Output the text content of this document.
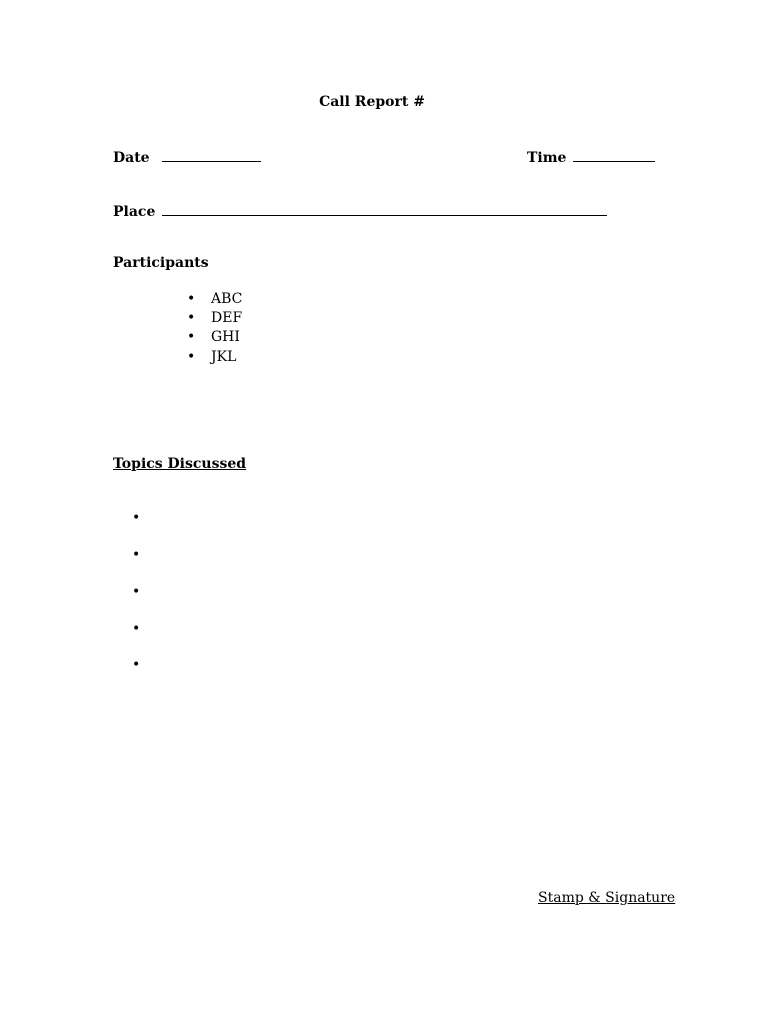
Call Report #
Date	Time
Place
Participants
• ABC
• DEF
• GHI
• JKL
Topics Discussed
•
•
•
•
•
Stamp & Signature
